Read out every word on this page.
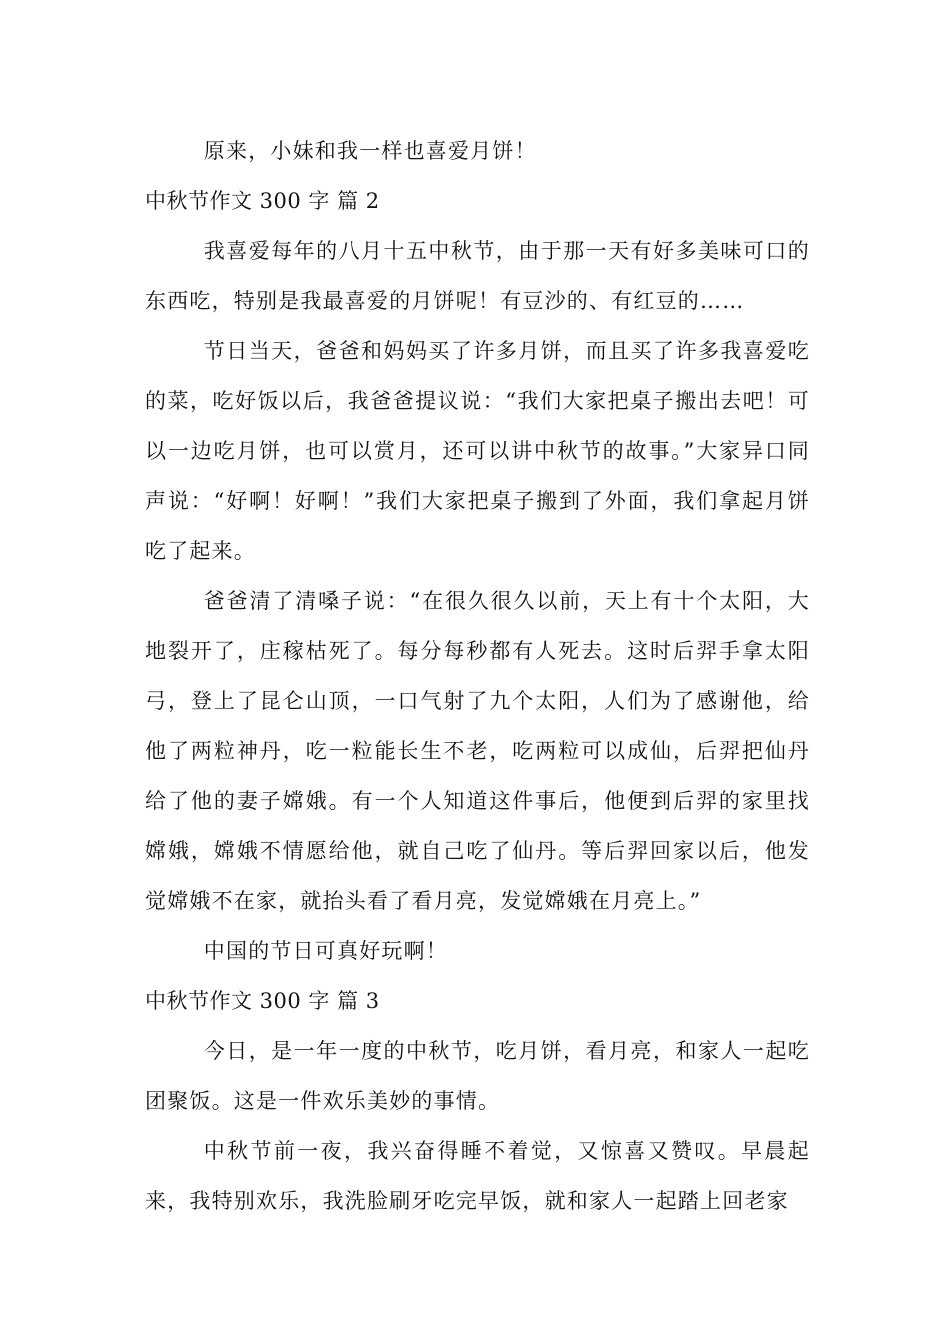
原来，小妹和我一样也喜爱月饼！

中秋节作文 300 字 篇 2

我喜爱每年的八月十五中秋节，由于那一天有好多美味可口的东西吃，特别是我最喜爱的月饼呢！有豆沙的、有红豆的……

节日当天，爸爸和妈妈买了许多月饼，而且买了许多我喜爱吃的菜，吃好饭以后，我爸爸提议说：“我们大家把桌子搬出去吧！可以一边吃月饼，也可以赏月，还可以讲中秋节的故事。”大家异口同声说：“好啊！好啊！”我们大家把桌子搬到了外面，我们拿起月饼吃了起来。

爸爸清了清嗓子说：“在很久很久以前，天上有十个太阳，大地裂开了，庄稼枯死了。每分每秒都有人死去。这时后羿手拿太阳弓，登上了昆仑山顶，一口气射了九个太阳，人们为了感谢他，给他了两粒神丹，吃一粒能长生不老，吃两粒可以成仙，后羿把仙丹给了他的妻子嫦娥。有一个人知道这件事后，他便到后羿的家里找嫦娥，嫦娥不情愿给他，就自己吃了仙丹。等后羿回家以后，他发觉嫦娥不在家，就抬头看了看月亮，发觉嫦娥在月亮上。”

中国的节日可真好玩啊！

中秋节作文 300 字 篇 3

今日，是一年一度的中秋节，吃月饼，看月亮，和家人一起吃团聚饭。这是一件欢乐美妙的事情。

中秋节前一夜，我兴奋得睡不着觉，又惊喜又赞叹。早晨起来，我特别欢乐，我洗脸刷牙吃完早饭，就和家人一起踏上回老家
